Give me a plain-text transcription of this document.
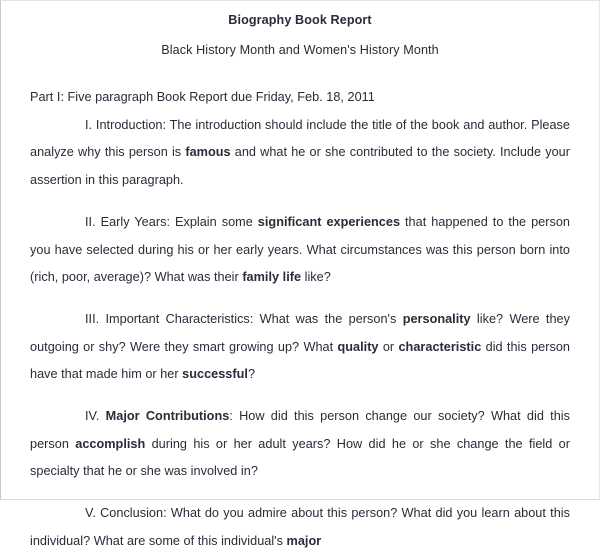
Biography Book Report
Black History Month and Women's History Month

Part I: Five paragraph Book Report due Friday, Feb. 18, 2011

I. Introduction: The introduction should include the title of the book and author. Please analyze why this person is famous and what he or she contributed to the society. Include your assertion in this paragraph.

II. Early Years: Explain some significant experiences that happened to the person you have selected during his or her early years. What circumstances was this person born into (rich, poor, average)? What was their family life like?

III. Important Characteristics: What was the person's personality like? Were they outgoing or shy? Were they smart growing up? What quality or characteristic did this person have that made him or her successful?

IV. Major Contributions: How did this person change our society? What did this person accomplish during his or her adult years? How did he or she change the field or specialty that he or she was involved in?

V. Conclusion: What do you admire about this person? What did you learn about this individual? What are some of this individual's major
